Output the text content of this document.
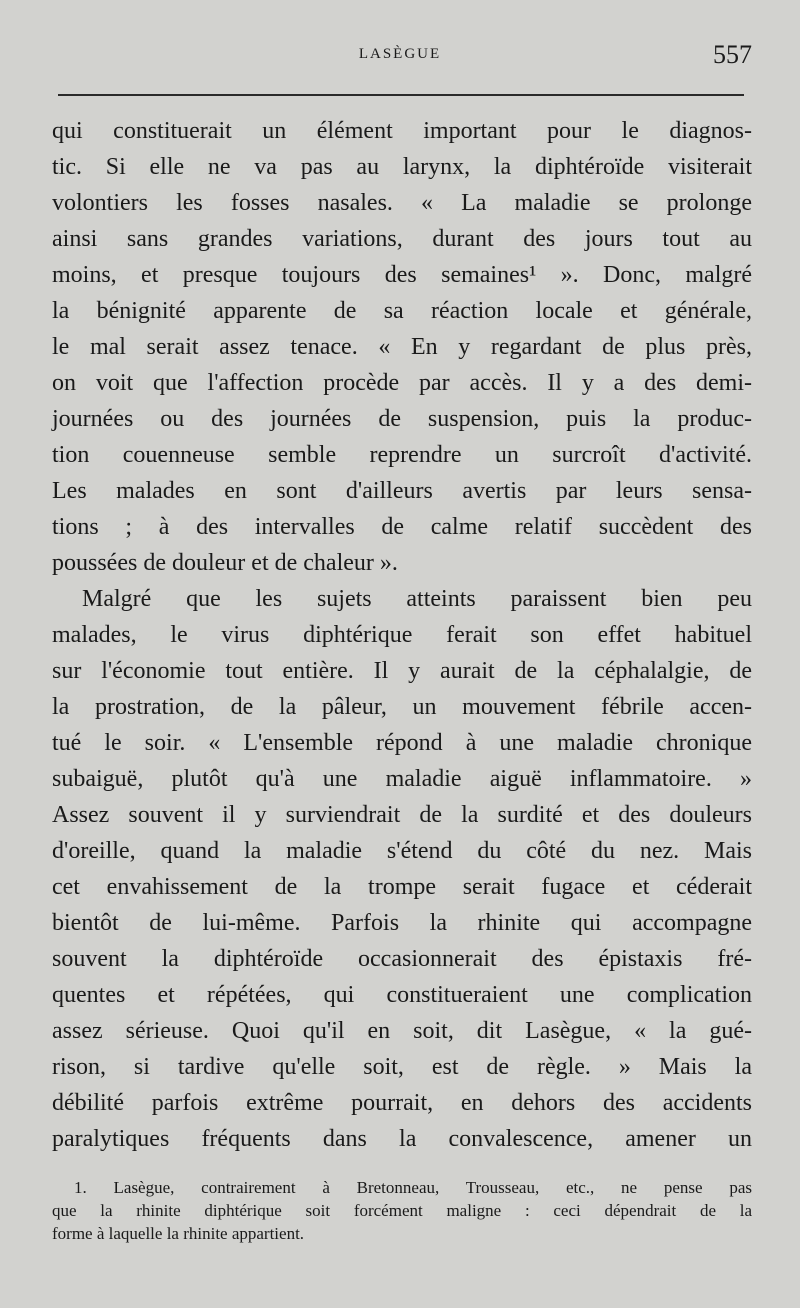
LASÈGUE	557
qui constituerait un élément important pour le diagnos-
tic. Si elle ne va pas au larynx, la diphtéroïde visiterait
volontiers les fosses nasales. « La maladie se prolonge
ainsi sans grandes variations, durant des jours tout au
moins, et presque toujours des semaines¹ ». Donc, malgré
la bénignité apparente de sa réaction locale et générale,
le mal serait assez tenace. « En y regardant de plus près,
on voit que l'affection procède par accès. Il y a des demi-
journées ou des journées de suspension, puis la produc-
tion couenneuse semble reprendre un surcroît d'activité.
Les malades en sont d'ailleurs avertis par leurs sensa-
tions ; à des intervalles de calme relatif succèdent des
poussées de douleur et de chaleur ».
Malgré que les sujets atteints paraissent bien peu
malades, le virus diphtérique ferait son effet habituel
sur l'économie tout entière. Il y aurait de la céphalalgie, de
la prostration, de la pâleur, un mouvement fébrile accen-
tué le soir. « L'ensemble répond à une maladie chronique
subaiguë, plutôt qu'à une maladie aiguë inflammatoire. »
Assez souvent il y surviendrait de la surdité et des douleurs
d'oreille, quand la maladie s'étend du côté du nez. Mais
cet envahissement de la trompe serait fugace et céderait
bientôt de lui-même. Parfois la rhinite qui accompagne
souvent la diphtéroïde occasionnerait des épistaxis fré-
quentes et répétées, qui constitueraient une complication
assez sérieuse. Quoi qu'il en soit, dit Lasègue, « la gué-
rison, si tardive qu'elle soit, est de règle. » Mais la
débilité parfois extrême pourrait, en dehors des accidents
paralytiques fréquents dans la convalescence, amener un
1. Lasègue, contrairement à Bretonneau, Trousseau, etc., ne pense pas
que la rhinite diphtérique soit forcément maligne : ceci dépendrait de la
forme à laquelle la rhinite appartient.
